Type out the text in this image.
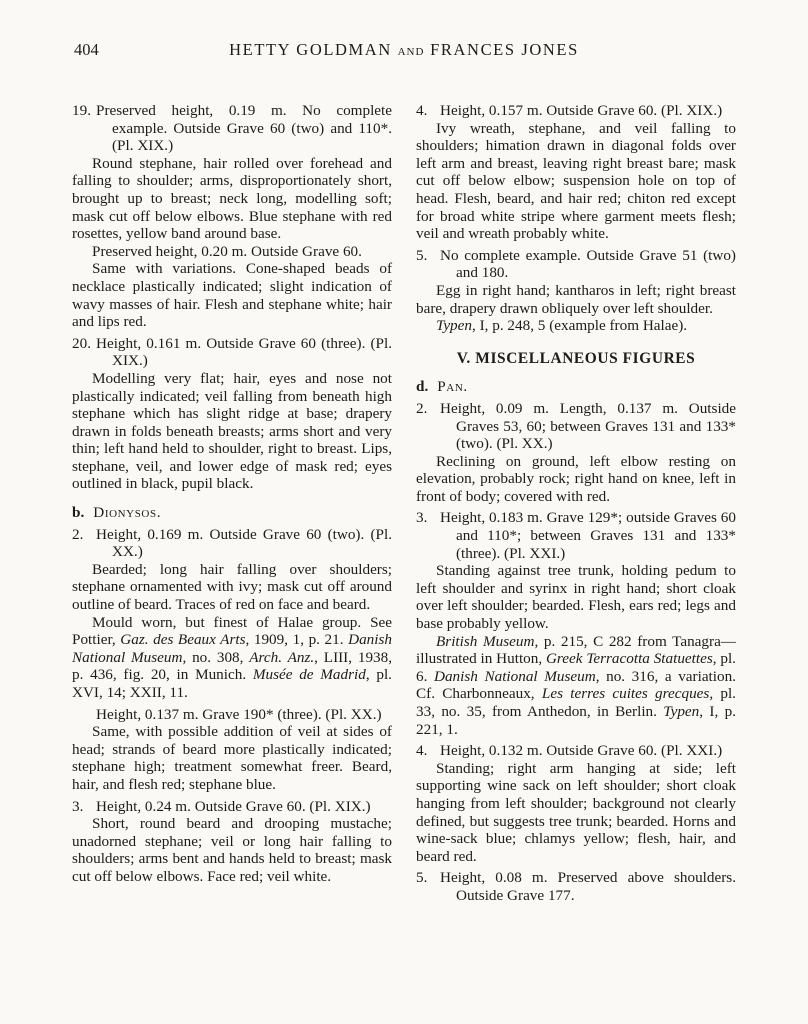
404	HETTY GOLDMAN and FRANCES JONES
19. Preserved height, 0.19 m. No complete example. Outside Grave 60 (two) and 110*. (Pl. XIX.)

Round stephane, hair rolled over forehead and falling to shoulder; arms, disproportionately short, brought up to breast; neck long, modelling soft; mask cut off below elbows. Blue stephane with red rosettes, yellow band around base.

Preserved height, 0.20 m. Outside Grave 60.

Same with variations. Cone-shaped beads of necklace plastically indicated; slight indication of wavy masses of hair. Flesh and stephane white; hair and lips red.

20. Height, 0.161 m. Outside Grave 60 (three). (Pl. XIX.)

Modelling very flat; hair, eyes and nose not plastically indicated; veil falling from beneath high stephane which has slight ridge at base; drapery drawn in folds beneath breasts; arms short and very thin; left hand held to shoulder, right to breast. Lips, stephane, veil, and lower edge of mask red; eyes outlined in black, pupil black.

b. Dionysos.
2. Height, 0.169 m. Outside Grave 60 (two). (Pl. XX.)

Bearded; long hair falling over shoulders; stephane ornamented with ivy; mask cut off around outline of beard. Traces of red on face and beard.

Mould worn, but finest of Halae group. See Pottier, Gaz. des Beaux Arts, 1909, 1, p. 21. Danish National Museum, no. 308, Arch. Anz., LIII, 1938, p. 436, fig. 20, in Munich. Musée de Madrid, pl. XVI, 14; XXII, 11.

Height, 0.137 m. Grave 190* (three). (Pl. XX.)

Same, with possible addition of veil at sides of head; strands of beard more plastically indicated; stephane high; treatment somewhat freer. Beard, hair, and flesh red; stephane blue.

3. Height, 0.24 m. Outside Grave 60. (Pl. XIX.)

Short, round beard and drooping mustache; unadorned stephane; veil or long hair falling to shoulders; arms bent and hands held to breast; mask cut off below elbows. Face red; veil white.

4. Height, 0.157 m. Outside Grave 60. (Pl. XIX.)

Ivy wreath, stephane, and veil falling to shoulders; himation drawn in diagonal folds over left arm and breast, leaving right breast bare; mask cut off below elbow; suspension hole on top of head. Flesh, beard, and hair red; chiton red except for broad white stripe where garment meets flesh; veil and wreath probably white.

5. No complete example. Outside Grave 51 (two) and 180.

Egg in right hand; kantharos in left; right breast bare, drapery drawn obliquely over left shoulder.

Typen, I, p. 248, 5 (example from Halae).

V. MISCELLANEOUS FIGURES
d. Pan.
2. Height, 0.09 m. Length, 0.137 m. Outside Graves 53, 60; between Graves 131 and 133* (two). (Pl. XX.)

Reclining on ground, left elbow resting on elevation, probably rock; right hand on knee, left in front of body; covered with red.

3. Height, 0.183 m. Grave 129*; outside Graves 60 and 110*; between Graves 131 and 133* (three). (Pl. XXI.)

Standing against tree trunk, holding pedum to left shoulder and syrinx in right hand; short cloak over left shoulder; bearded. Flesh, ears red; legs and base probably yellow.

British Museum, p. 215, C 282 from Tanagra—illustrated in Hutton, Greek Terracotta Statuettes, pl. 6. Danish National Museum, no. 316, a variation. Cf. Charbonneaux, Les terres cuites grecques, pl. 33, no. 35, from Anthedon, in Berlin. Typen, I, p. 221, 1.

4. Height, 0.132 m. Outside Grave 60. (Pl. XXI.)

Standing; right arm hanging at side; left supporting wine sack on left shoulder; short cloak hanging from left shoulder; background not clearly defined, but suggests tree trunk; bearded. Horns and wine-sack blue; chlamys yellow; flesh, hair, and beard red.

5. Height, 0.08 m. Preserved above shoulders. Outside Grave 177.
